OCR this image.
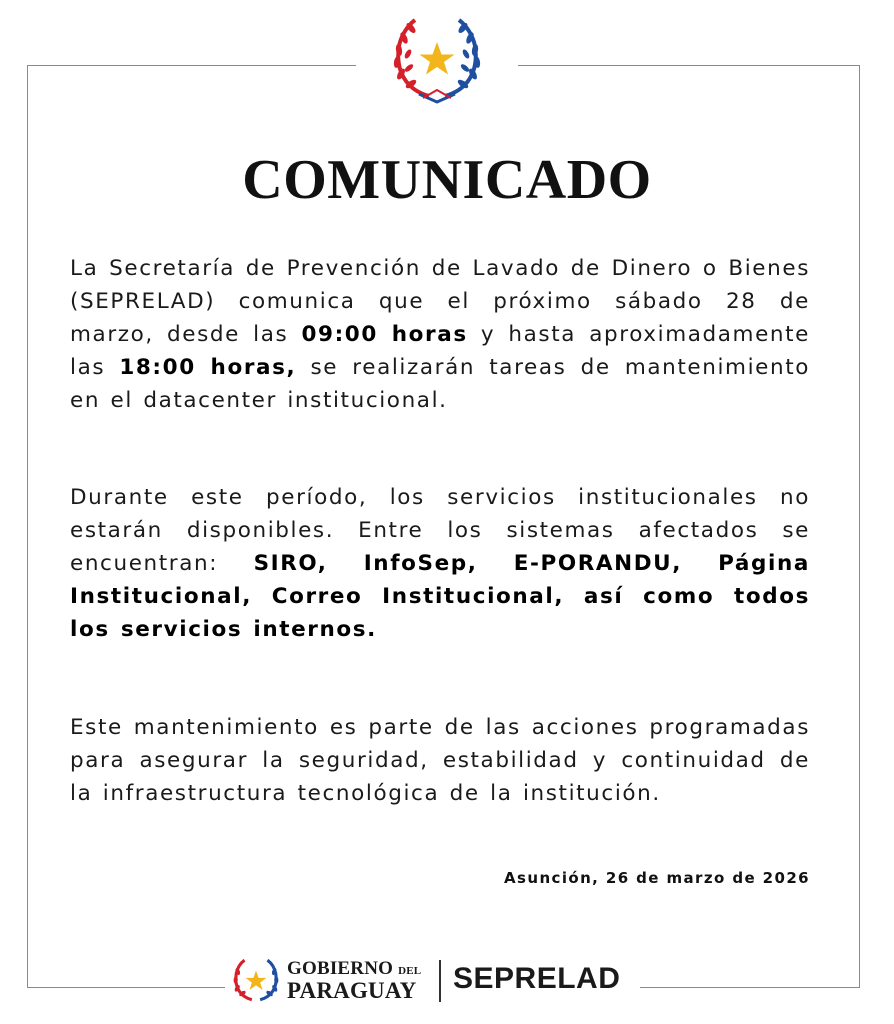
COMUNICADO
La Secretaría de Prevención de Lavado de Dinero o Bienes (SEPRELAD) comunica que el próximo sábado 28 de marzo, desde las 09:00 horas y hasta aproximadamente las 18:00 horas, se realizarán tareas de mantenimiento en el datacenter institucional.
Durante este período, los servicios institucionales no estarán disponibles. Entre los sistemas afectados se encuentran: SIRO, InfoSep, E-PORANDU, Página Institucional, Correo Institucional, así como todos los servicios internos.
Este mantenimiento es parte de las acciones programadas para asegurar la seguridad, estabilidad y continuidad de la infraestructura tecnológica de la institución.
Asunción, 26 de marzo de 2026
GOBIERNO DEL
PARAGUAY SEPRELAD
